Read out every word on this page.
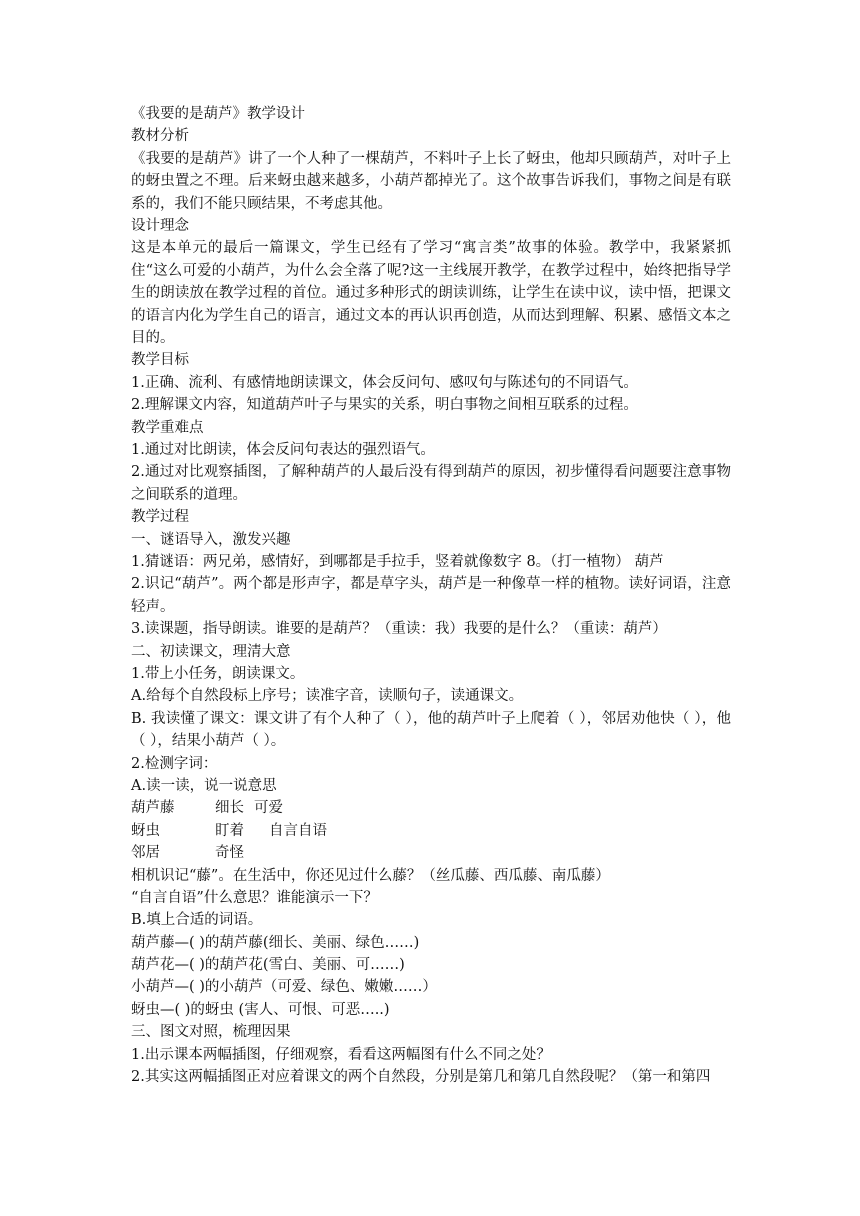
《我要的是葫芦》教学设计
教材分析
《我要的是葫芦》讲了一个人种了一棵葫芦，不料叶子上长了蚜虫，他却只顾葫芦，对叶子上的蚜虫置之不理。后来蚜虫越来越多，小葫芦都掉光了。这个故事告诉我们，事物之间是有联系的，我们不能只顾结果，不考虑其他。
设计理念
这是本单元的最后一篇课文，学生已经有了学习“寓言类”故事的体验。教学中，我紧紧抓住“这么可爱的小葫芦，为什么会全落了呢?这一主线展开教学，在教学过程中，始终把指导学生的朗读放在教学过程的首位。通过多种形式的朗读训练，让学生在读中议，读中悟，把课文的语言内化为学生自己的语言，通过文本的再认识再创造，从而达到理解、积累、感悟文本之目的。
教学目标
1.正确、流利、有感情地朗读课文，体会反问句、感叹句与陈述句的不同语气。
2.理解课文内容，知道葫芦叶子与果实的关系，明白事物之间相互联系的过程。
教学重难点
1.通过对比朗读，体会反问句表达的强烈语气。
2.通过对比观察插图，了解种葫芦的人最后没有得到葫芦的原因，初步懂得看问题要注意事物之间联系的道理。
教学过程
一、谜语导入，激发兴趣
1.猜谜语：两兄弟，感情好，到哪都是手拉手，竖着就像数字 8。（打一植物） 葫芦
2.识记“葫芦”。两个都是形声字，都是草字头，葫芦是一种像草一样的植物。读好词语，注意轻声。
3.读课题，指导朗读。谁要的是葫芦？（重读：我）我要的是什么？（重读：葫芦）
二、初读课文，理清大意
1.带上小任务，朗读课文。
A.给每个自然段标上序号；读准字音，读顺句子，读通课文。
B. 我读懂了课文：课文讲了有个人种了（ ），他的葫芦叶子上爬着（ ），邻居劝他快（ ），他（ ），结果小葫芦（ ）。
2.检测字词：
A.读一读，说一说意思
葫芦藤	细长 可爱
蚜虫	盯着	自言自语
邻居	奇怪
相机识记“藤”。在生活中，你还见过什么藤？（丝瓜藤、西瓜藤、南瓜藤）
“自言自语”什么意思？谁能演示一下？
B.填上合适的词语。
葫芦藤—( )的葫芦藤(细长、美丽、绿色……)
葫芦花—( )的葫芦花(雪白、美丽、可……)
小葫芦—( )的小葫芦（可爱、绿色、嫩嫩……）
蚜虫—( )的蚜虫 (害人、可恨、可恶…..)
三、图文对照，梳理因果
1.出示课本两幅插图，仔细观察，看看这两幅图有什么不同之处？
2.其实这两幅插图正对应着课文的两个自然段，分别是第几和第几自然段呢？（第一和第四
